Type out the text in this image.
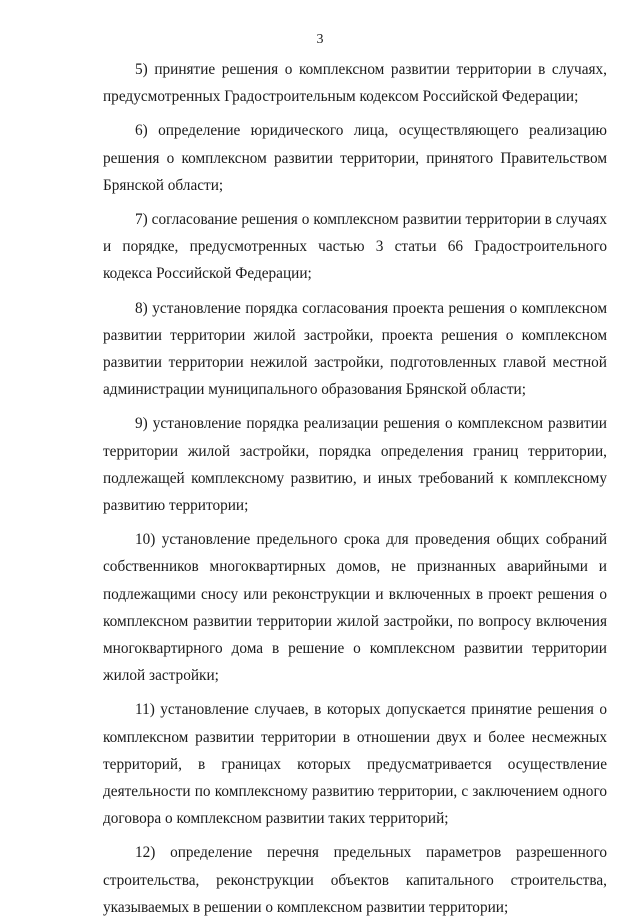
3

5) принятие решения о комплексном развитии территории в случаях, предусмотренных Градостроительным кодексом Российской Федерации;

6) определение юридического лица, осуществляющего реализацию решения о комплексном развитии территории, принятого Правительством Брянской области;

7) согласование решения о комплексном развитии территории в случаях и порядке, предусмотренных частью 3 статьи 66 Градостроительного кодекса Российской Федерации;

8) установление порядка согласования проекта решения о комплексном развитии территории жилой застройки, проекта решения о комплексном развитии территории нежилой застройки, подготовленных главой местной администрации муниципального образования Брянской области;

9) установление порядка реализации решения о комплексном развитии территории жилой застройки, порядка определения границ территории, подлежащей комплексному развитию, и иных требований к комплексному развитию территории;

10) установление предельного срока для проведения общих собраний собственников многоквартирных домов, не признанных аварийными и подлежащими сносу или реконструкции и включенных в проект решения о комплексном развитии территории жилой застройки, по вопросу включения многоквартирного дома в решение о комплексном развитии территории жилой застройки;

11) установление случаев, в которых допускается принятие решения о комплексном развитии территории в отношении двух и более несмежных территорий, в границах которых предусматривается осуществление деятельности по комплексному развитию территории, с заключением одного договора о комплексном развитии таких территорий;

12) определение перечня предельных параметров разрешенного строительства, реконструкции объектов капитального строительства, указываемых в решении о комплексном развитии территории;
